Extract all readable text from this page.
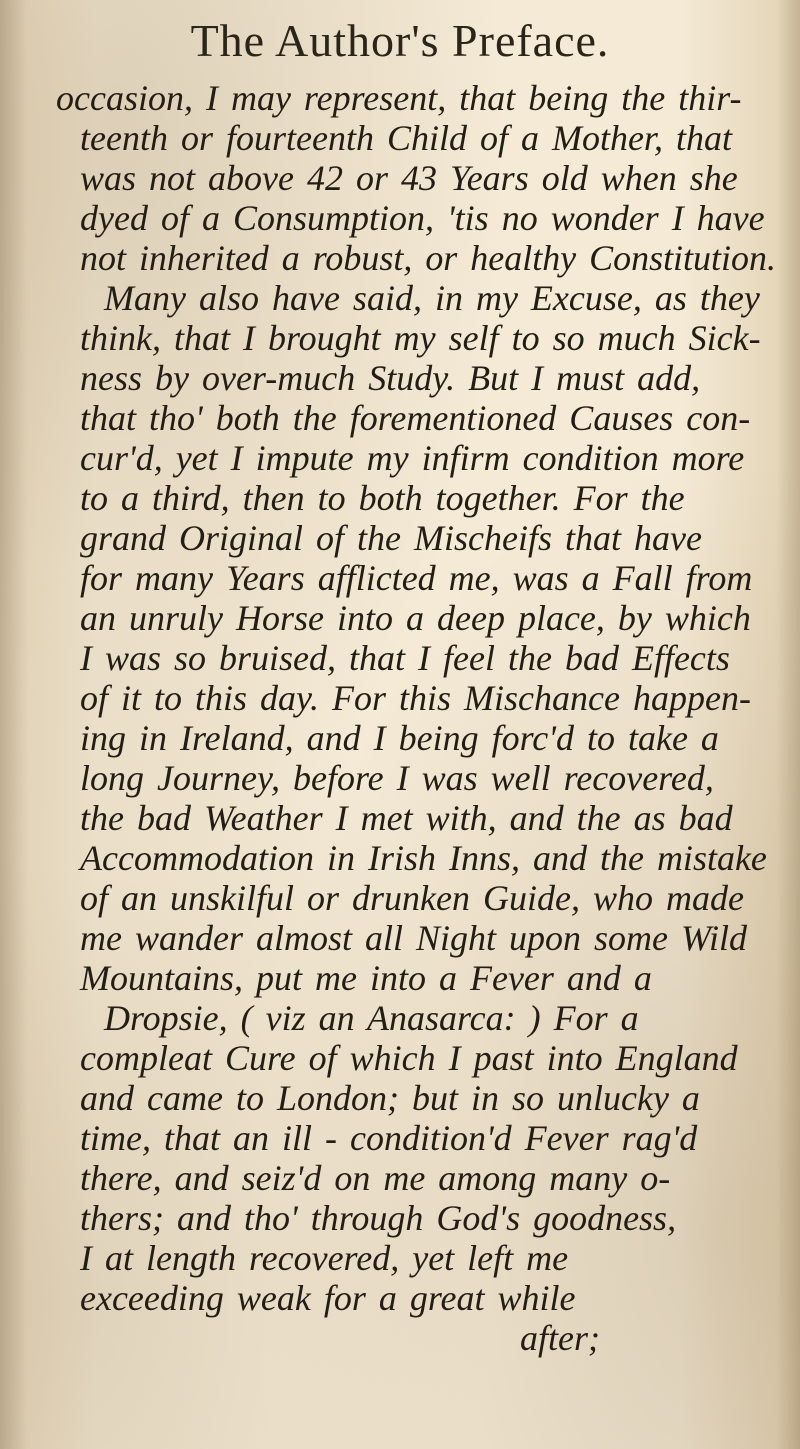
The Author's Preface.
occasion, I may represent, that being the thir-
teenth or fourteenth Child of a Mother, that
was not above 42 or 43 Years old when she
dyed of a Consumption, 'tis no wonder I have
not inherited a robust, or healthy Constitution.
Many also have said, in my Excuse, as they
think, that I brought my self to so much Sick-
ness by over-much Study. But I must add,
that tho' both the forementioned Causes con-
cur'd, yet I impute my infirm condition more
to a third, then to both together. For the
grand Original of the Mischeifs that have
for many Years afflicted me, was a Fall from
an unruly Horse into a deep place, by which
I was so bruised, that I feel the bad Effects
of it to this day. For this Mischance happen-
ing in Ireland, and I being forc'd to take a
long Journey, before I was well recovered,
the bad Weather I met with, and the as bad
Accommodation in Irish Inns, and the mistake
of an unskilful or drunken Guide, who made
me wander almost all Night upon some Wild
Mountains, put me into a Fever and a
Dropsie, ( viz an Anasarca: ) For a
compleat Cure of which I past into England
and came to London; but in so unlucky a
time, that an ill - condition'd Fever rag'd
there, and seiz'd on me among many o-
thers; and tho' through God's goodness,
I at length recovered, yet left me
exceeding weak for a great while
after;
